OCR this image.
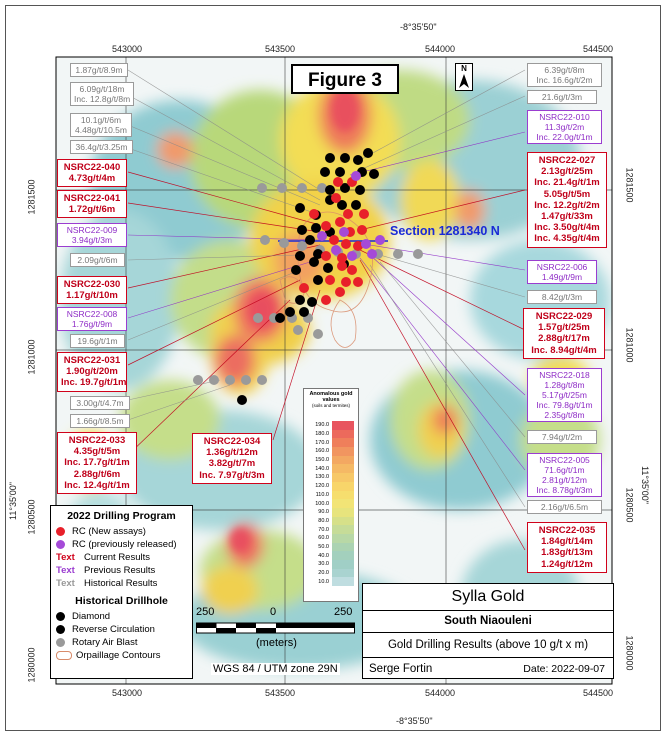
-8°35'50"
-8°35'50"
543000	543500	544000	544500
543000	543500	544000	544500
1281500
1281000
1280500
1280000
11°35'00"
1281500
1281000
1280500
1280000
11°35'00"
Section 1281340 N
Figure 3
N
1.87g/t/8.9m
6.09g/t/18m
Inc. 12.8g/t/8m
10.1g/t/6m
4.48g/t/10.5m
36.4g/t/3.25m
NSRC22-040
4.73g/t/4m
NSRC22-041
1.72g/t/6m
NSRC22-009
3.94g/t/3m
2.09g/t/6m
NSRC22-030
1.17g/t/10m
NSRC22-008
1.76g/t/9m
19.6g/t/1m
NSRC22-031
1.90g/t/20m
Inc. 19.7g/t/1m
3.00g/t/4.7m
1.66g/t/8.5m
NSRC22-033
4.35g/t/5m
Inc. 17.7g/t/1m
2.88g/t/6m
Inc. 12.4g/t/1m
NSRC22-034
1.36g/t/12m
3.82g/t/7m
Inc. 7.97g/t/3m
6.39g/t/8m
Inc. 16.6g/t/2m
21.6g/t/3m
NSRC22-010
11.3g/t/2m
Inc. 22.0g/t/1m
NSRC22-027
2.13g/t/25m
Inc. 21.4g/t/1m
5.05g/t/5m
Inc. 12.2g/t/2m
1.47g/t/33m
Inc. 3.50g/t/4m
Inc. 4.35g/t/4m
NSRC22-006
1.49g/t/9m
8.42g/t/3m
NSRC22-029
1.57g/t/25m
2.88g/t/17m
Inc. 8.94g/t/4m
NSRC22-018
1.28g/t/8m
5.17g/t/25m
Inc. 79.8g/t/1m
2.35g/t/8m
7.94g/t/2m
NSRC22-005
71.6g/t/1m
2.81g/t/12m
Inc. 8.78g/t/3m
2.16g/t/6.5m
NSRC22-035
1.84g/t/14m
1.83g/t/13m
1.24g/t/12m
Anomalous gold values
(soils and termites)
190.0
180.0
170.0
160.0
150.0
140.0
130.0
120.0
110.0
100.0
90.0
80.0
70.0
60.0
50.0
40.0
30.0
20.0
10.0
250	0	250
(meters)
WGS 84 / UTM zone 29N
2022 Drilling Program
RC (New assays)
RC (previously released)
Text Current Results
Text Previous Results
Text Historical Results
Historical Drillhole
Diamond
Reverse Circulation
Rotary Air Blast
Orpaillage Contours
Sylla Gold
South Niaouleni
Gold Drilling Results (above 10 g/t x m)
Serge Fortin	Date: 2022-09-07
